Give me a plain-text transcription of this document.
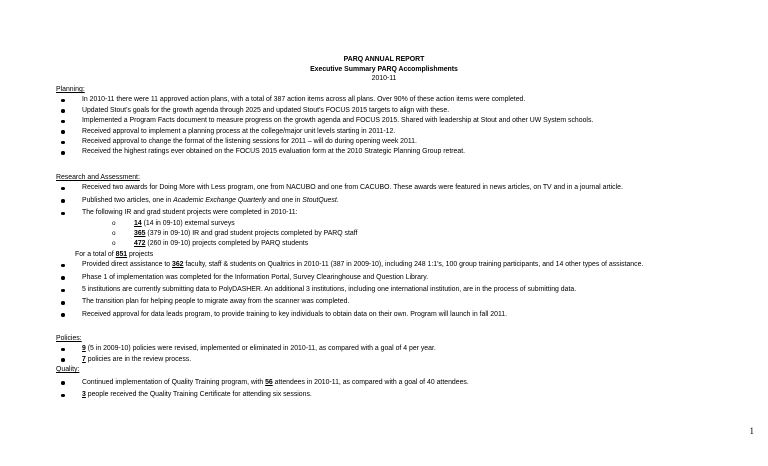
PARQ ANNUAL REPORT
Executive Summary PARQ Accomplishments
2010-11
Planning:
In 2010-11 there were 11 approved action plans, with a total of 387 action items across all plans. Over 90% of these action items were completed.
Updated Stout’s goals for the growth agenda through 2025 and updated Stout’s FOCUS 2015 targets to align with these.
Implemented a Program Facts document to measure progress on the growth agenda and FOCUS 2015. Shared with leadership at Stout and other UW System schools.
Received approval to implement a planning process at the college/major unit levels starting in 2011-12.
Received approval to change the format of the listening sessions for 2011 – will do during opening week 2011.
Received the highest ratings ever obtained on the FOCUS 2015 evaluation form at the 2010 Strategic Planning Group retreat.
Research and Assessment:
Received two awards for Doing More with Less program, one from NACUBO and one from CACUBO. These awards were featured in news articles, on TV and in a journal article.
Published two articles, one in Academic Exchange Quarterly and one in StoutQuest.
The following IR and grad student projects were completed in 2010-11:
o	14 (14 in 09-10) external surveys
o	365 (379 in 09-10) IR and grad student projects completed by PARQ staff
o	472 (260 in 09-10) projects completed by PARQ students
For a total of 851 projects
Provided direct assistance to 362 faculty, staff & students on Qualtrics in 2010-11 (387 in 2009-10), including 248 1:1's, 100 group training participants, and 14 other types of assistance.
Phase 1 of implementation was completed for the Information Portal, Survey Clearinghouse and Question Library.
5 institutions are currently submitting data to PolyDASHER. An additional 3 institutions, including one international institution, are in the process of submitting data.
The transition plan for helping people to migrate away from the scanner was completed.
Received approval for data leads program, to provide training to key individuals to obtain data on their own. Program will launch in fall 2011.
Policies:
9 (5 in 2009-10) policies were revised, implemented or eliminated in 2010-11, as compared with a goal of 4 per year.
7 policies are in the review process.
Quality:
Continued implementation of Quality Training program, with 56 attendees in 2010-11, as compared with a goal of 40 attendees.
3 people received the Quality Training Certificate for attending six sessions.
1
